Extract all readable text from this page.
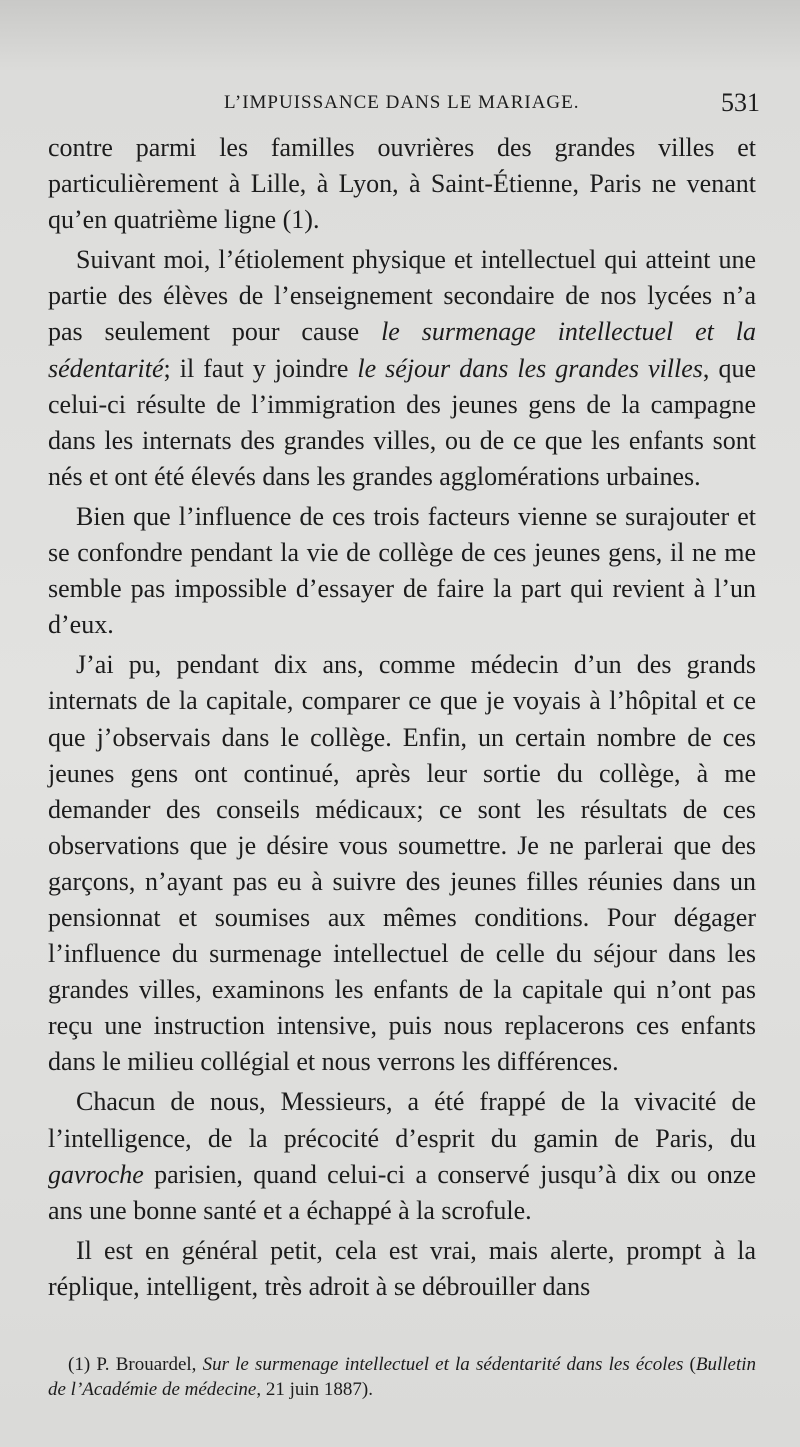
L’IMPUISSANCE DANS LE MARIAGE.	531

contre parmi les familles ouvrières des grandes villes et particulièrement à Lille, à Lyon, à Saint-Étienne, Paris ne venant qu’en quatrième ligne (1).

Suivant moi, l’étiolement physique et intellectuel qui atteint une partie des élèves de l’enseignement secondaire de nos lycées n’a pas seulement pour cause le surmenage intellectuel et la sédentarité; il faut y joindre le séjour dans les grandes villes, que celui-ci résulte de l’immigration des jeunes gens de la campagne dans les internats des grandes villes, ou de ce que les enfants sont nés et ont été élevés dans les grandes agglomérations urbaines.

Bien que l’influence de ces trois facteurs vienne se surajouter et se confondre pendant la vie de collège de ces jeunes gens, il ne me semble pas impossible d’essayer de faire la part qui revient à l’un d’eux.

J’ai pu, pendant dix ans, comme médecin d’un des grands internats de la capitale, comparer ce que je voyais à l’hôpital et ce que j’observais dans le collège. Enfin, un certain nombre de ces jeunes gens ont continué, après leur sortie du collège, à me demander des conseils médicaux; ce sont les résultats de ces observations que je désire vous soumettre. Je ne parlerai que des garçons, n’ayant pas eu à suivre des jeunes filles réunies dans un pensionnat et soumises aux mêmes conditions. Pour dégager l’influence du surmenage intellectuel de celle du séjour dans les grandes villes, examinons les enfants de la capitale qui n’ont pas reçu une instruction intensive, puis nous replacerons ces enfants dans le milieu collégial et nous verrons les différences.

Chacun de nous, Messieurs, a été frappé de la vivacité de l’intelligence, de la précocité d’esprit du gamin de Paris, du gavroche parisien, quand celui-ci a conservé jusqu’à dix ou onze ans une bonne santé et a échappé à la scrofule.

Il est en général petit, cela est vrai, mais alerte, prompt à la réplique, intelligent, très adroit à se débrouiller dans

(1) P. Brouardel, Sur le surmenage intellectuel et la sédentarité dans les écoles (Bulletin de l’Académie de médecine, 21 juin 1887).
